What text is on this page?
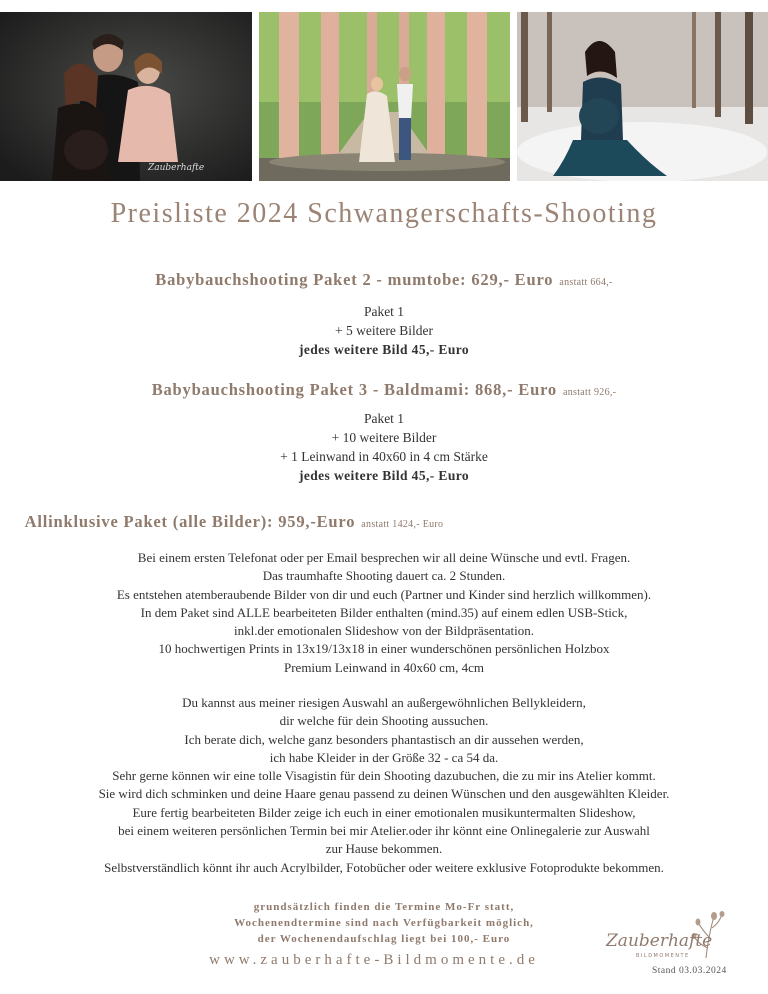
Zauberhafte
Preisliste 2024 Schwangerschafts-Shooting
Babybauchshooting Paket 2 - mumtobe: 629,- Euro anstatt 664,-
Paket 1
+ 5 weitere Bilder
jedes weitere Bild 45,- Euro
Babybauchshooting Paket 3 - Baldmami: 868,- Euro anstatt 926,-
Paket 1
+ 10 weitere Bilder
+ 1 Leinwand in 40x60 in 4 cm Stärke
jedes weitere Bild 45,- Euro
Allinklusive Paket (alle Bilder): 959,-Euro anstatt 1424,- Euro
Bei einem ersten Telefonat oder per Email besprechen wir all deine Wünsche und evtl. Fragen.
Das traumhafte Shooting dauert ca. 2 Stunden.
Es entstehen atemberaubende Bilder von dir und euch (Partner und Kinder sind herzlich willkommen).
In dem Paket sind ALLE bearbeiteten Bilder enthalten (mind.35) auf einem edlen USB-Stick,
inkl.der emotionalen Slideshow von der Bildpräsentation.
10 hochwertigen Prints in 13x19/13x18 in einer wunderschönen persönlichen Holzbox
Premium Leinwand in 40x60 cm, 4cm
Du kannst aus meiner riesigen Auswahl an außergewöhnlichen Bellykleidern,
dir welche für dein Shooting aussuchen.
Ich berate dich, welche ganz besonders phantastisch an dir aussehen werden,
ich habe Kleider in der Größe 32 - ca 54 da.
Sehr gerne können wir eine tolle Visagistin für dein Shooting dazubuchen, die zu mir ins Atelier kommt.
Sie wird dich schminken und deine Haare genau passend zu deinen Wünschen und den ausgewählten Kleider.
Eure fertig bearbeiteten Bilder zeige ich euch in einer emotionalen musikuntermalten Slideshow,
bei einem weiteren persönlichen Termin bei mir Atelier.oder ihr könnt eine Onlinegalerie zur Auswahl
zur Hause bekommen.
Selbstverständlich könnt ihr auch Acrylbilder, Fotobücher oder weitere exklusive Fotoprodukte bekommen.
grundsätzlich finden die Termine Mo-Fr statt,
Wochenendtermine sind nach Verfügbarkeit möglich,
der Wochenendaufschlag liegt bei 100,- Euro
www.zauberhafte-Bildmomente.de
Zauberhafte
BILDMOMENTE
Stand 03.03.2024
